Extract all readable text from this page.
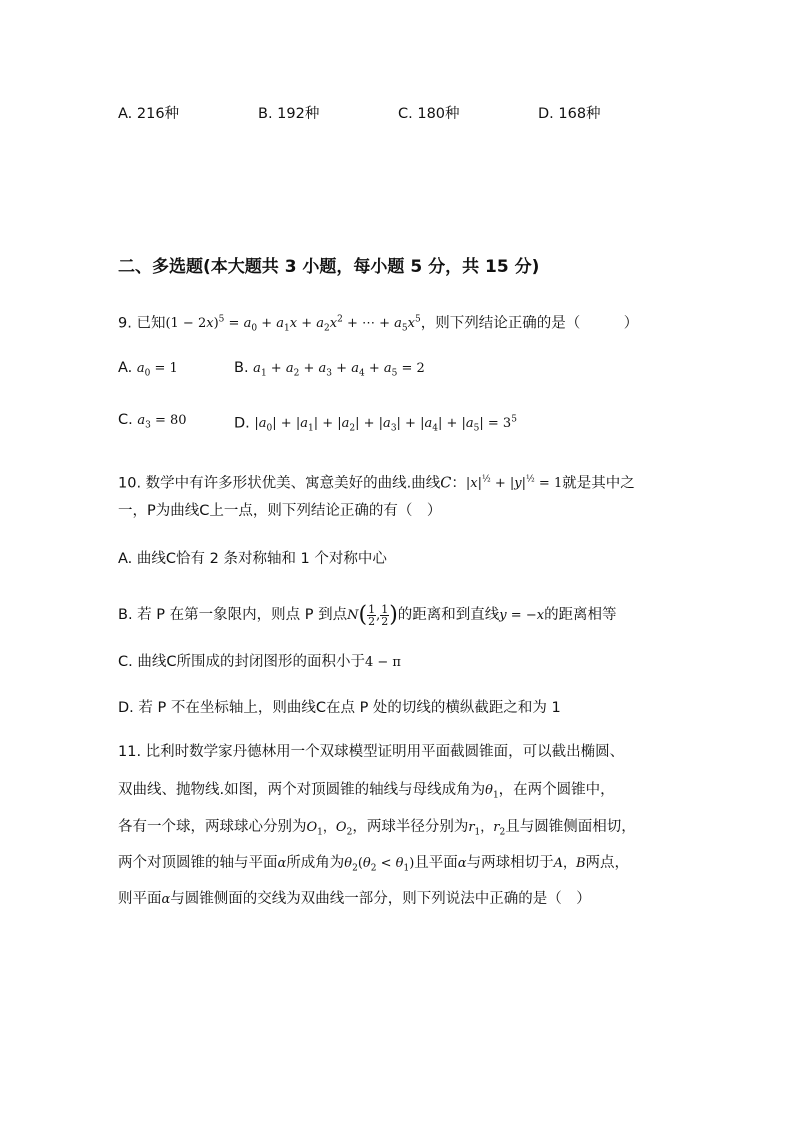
A. 216种	B. 192种	C. 180种	D. 168种
二、多选题(本大题共 3 小题，每小题 5 分，共 15 分)
9. 已知$(1 - 2x)^5 = a_0 + a_1x + a_2x^2$ + ⋯ + $a_5x^5$，则下列结论正确的是（　　　）
A. $a_0 = 1$	B. $a_1 + a_2 + a_3 + a_4 + a_5 = 2$
C. $a_3 = 80$	D. $|a_0| + |a_1| + |a_2| + |a_3| + |a_4| + |a_5| = 3^5$
10. 数学中有许多形状优美、寓意美好的曲线.曲线C：$|x|^{\frac{1}{2}} + |y|^{\frac{1}{2}} = 1$就是其中之
一，P为曲线C上一点，则下列结论正确的有（　）
A. 曲线C恰有 2 条对称轴和 1 个对称中心
B. 若 P 在第一象限内，则点 P 到点$N( \frac{1}{2}$ , $\frac{1}{2}$ )的距离和到直线y = −x的距离相等
C. 曲线C所围成的封闭图形的面积小于4 − π
D. 若 P 不在坐标轴上，则曲线C在点 P 处的切线的横纵截距之和为 1
11. 比利时数学家丹德林用一个双球模型证明用平面截圆锥面，可以截出椭圆、
双曲线、抛物线.如图，两个对顶圆锥的轴线与母线成角为$\theta_1$，在两个圆锥中，
各有一个球，两球球心分别为$O_1$，$O_2$，两球半径分别为$r_1$，$r_2$且与圆锥侧面相切，
两个对顶圆锥的轴与平面α所成角为$\theta_2(\theta_2 < \theta_1)$且平面α与两球相切于A，B两点，
则平面α与圆锥侧面的交线为双曲线一部分，则下列说法中正确的是（　）
